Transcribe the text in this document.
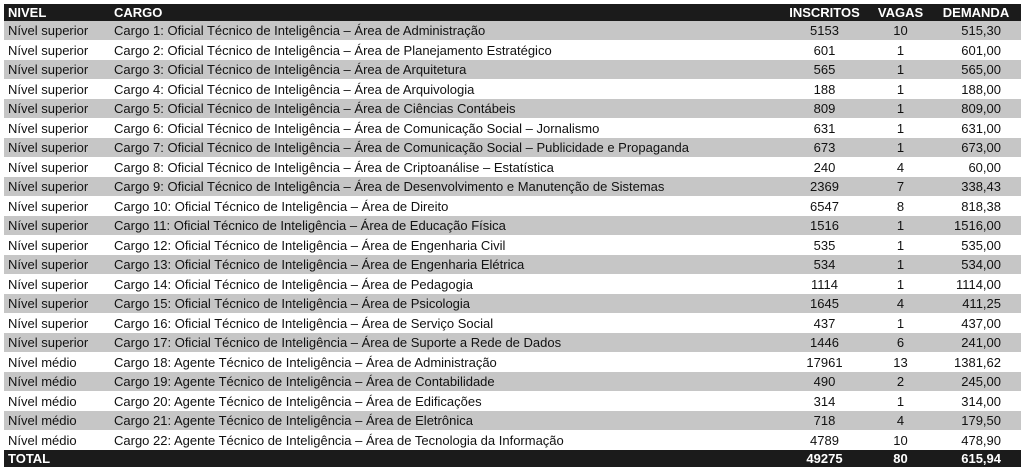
NIVEL	CARGO	INSCRITOS	VAGAS	DEMANDA
Nível superior	Cargo 1: Oficial Técnico de Inteligência – Área de Administração	5153	10	515,30
Nível superior	Cargo 2: Oficial Técnico de Inteligência – Área de Planejamento Estratégico	601	1	601,00
Nível superior	Cargo 3: Oficial Técnico de Inteligência – Área de Arquitetura	565	1	565,00
Nível superior	Cargo 4: Oficial Técnico de Inteligência – Área de Arquivologia	188	1	188,00
Nível superior	Cargo 5: Oficial Técnico de Inteligência – Área de Ciências Contábeis	809	1	809,00
Nível superior	Cargo 6: Oficial Técnico de Inteligência – Área de Comunicação Social – Jornalismo	631	1	631,00
Nível superior	Cargo 7: Oficial Técnico de Inteligência – Área de Comunicação Social – Publicidade e Propaganda	673	1	673,00
Nível superior	Cargo 8: Oficial Técnico de Inteligência – Área de Criptoanálise – Estatística	240	4	60,00
Nível superior	Cargo 9: Oficial Técnico de Inteligência – Área de Desenvolvimento e Manutenção de Sistemas	2369	7	338,43
Nível superior	Cargo 10: Oficial Técnico de Inteligência – Área de Direito	6547	8	818,38
Nível superior	Cargo 11: Oficial Técnico de Inteligência – Área de Educação Física	1516	1	1516,00
Nível superior	Cargo 12: Oficial Técnico de Inteligência – Área de Engenharia Civil	535	1	535,00
Nível superior	Cargo 13: Oficial Técnico de Inteligência – Área de Engenharia Elétrica	534	1	534,00
Nível superior	Cargo 14: Oficial Técnico de Inteligência – Área de Pedagogia	1114	1	1114,00
Nível superior	Cargo 15: Oficial Técnico de Inteligência – Área de Psicologia	1645	4	411,25
Nível superior	Cargo 16: Oficial Técnico de Inteligência – Área de Serviço Social	437	1	437,00
Nível superior	Cargo 17: Oficial Técnico de Inteligência – Área de Suporte a Rede de Dados	1446	6	241,00
Nível médio	Cargo 18: Agente Técnico de Inteligência – Área de Administração	17961	13	1381,62
Nível médio	Cargo 19: Agente Técnico de Inteligência – Área de Contabilidade	490	2	245,00
Nível médio	Cargo 20: Agente Técnico de Inteligência – Área de Edificações	314	1	314,00
Nível médio	Cargo 21: Agente Técnico de Inteligência – Área de Eletrônica	718	4	179,50
Nível médio	Cargo 22: Agente Técnico de Inteligência – Área de Tecnologia da Informação	4789	10	478,90
TOTAL		49275	80	615,94
